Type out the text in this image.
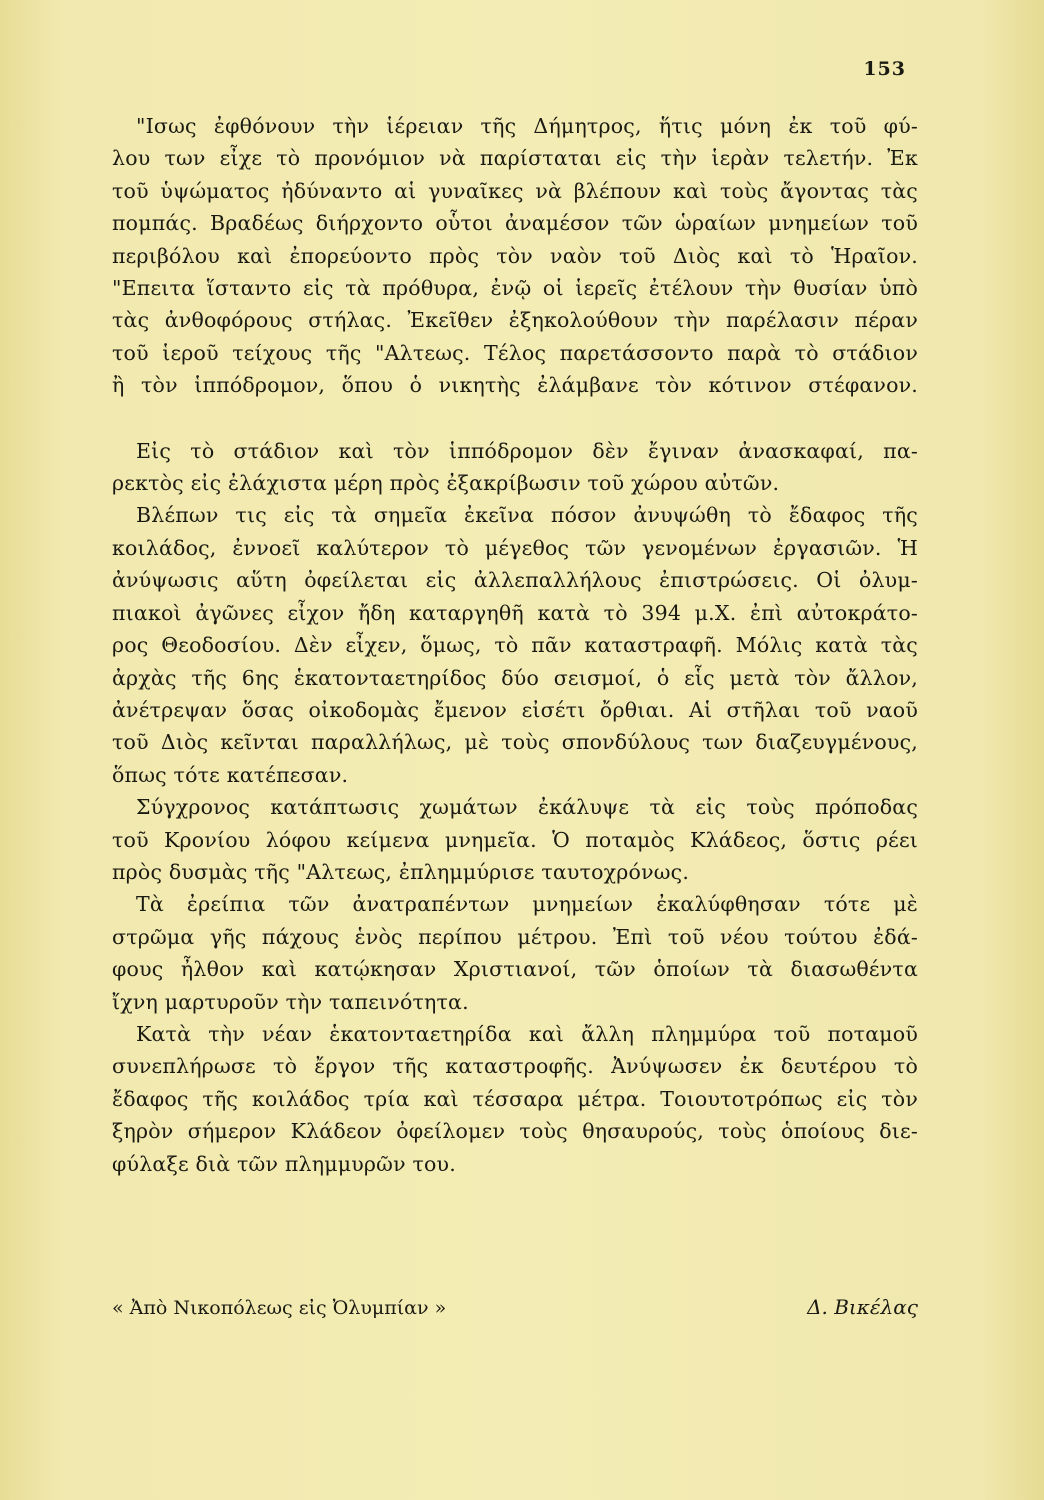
153
"Ισως ἐφθόνουν τὴν ἱέρειαν τῆς Δήμητρος, ἥτις μόνη ἐκ τοῦ φύ-
λου των εἶχε τὸ προνόμιον νὰ παρίσταται εἰς τὴν ἱερὰν τελετήν. Ἐκ
τοῦ ὑψώματος ἠδύναντο αἱ γυναῖκες νὰ βλέπουν καὶ τοὺς ἄγοντας τὰς
πομπάς. Βραδέως διήρχοντο οὗτοι ἀναμέσον τῶν ὡραίων μνημείων τοῦ
περιβόλου καὶ ἐπορεύοντο πρὸς τὸν ναὸν τοῦ Διὸς καὶ τὸ Ἡραῖον.
"Επειτα ἵσταντο εἰς τὰ πρόθυρα, ἐνῷ οἱ ἱερεῖς ἐτέλουν τὴν θυσίαν ὑπὸ
τὰς ἀνθοφόρους στήλας. Ἐκεῖθεν ἐξηκολούθουν τὴν παρέλασιν πέραν
τοῦ ἱεροῦ τείχους τῆς "Αλτεως. Τέλος παρετάσσοντο παρὰ τὸ στάδιον
ἢ τὸν ἱππόδρομον, ὅπου ὁ νικητὴς ἐλάμβανε τὸν κότινον στέφανον.
Εἰς τὸ στάδιον καὶ τὸν ἱππόδρομον δὲν ἔγιναν ἀνασκαφαί, πα-
ρεκτὸς εἰς ἐλάχιστα μέρη πρὸς ἐξακρίβωσιν τοῦ χώρου αὐτῶν.
Βλέπων τις εἰς τὰ σημεῖα ἐκεῖνα πόσον ἀνυψώθη τὸ ἔδαφος τῆς
κοιλάδος, ἐννοεῖ καλύτερον τὸ μέγεθος τῶν γενομένων ἐργασιῶν. Ἡ
ἀνύψωσις αὕτη ὀφείλεται εἰς ἀλλεπαλλήλους ἐπιστρώσεις. Οἱ ὀλυμ-
πιακοὶ ἀγῶνες εἶχον ἤδη καταργηθῆ κατὰ τὸ 394 μ.Χ. ἐπὶ αὐτοκράτο-
ρος Θεοδοσίου. Δὲν εἶχεν, ὅμως, τὸ πᾶν καταστραφῆ. Μόλις κατὰ τὰς
ἀρχὰς τῆς 6ης ἑκατονταετηρίδος δύο σεισμοί, ὁ εἷς μετὰ τὸν ἄλλον,
ἀνέτρεψαν ὅσας οἰκοδομὰς ἔμενον εἰσέτι ὄρθιαι. Αἱ στῆλαι τοῦ ναοῦ
τοῦ Διὸς κεῖνται παραλλήλως, μὲ τοὺς σπονδύλους των διαζευγμένους,
ὅπως τότε κατέπεσαν.
Σύγχρονος κατάπτωσις χωμάτων ἐκάλυψε τὰ εἰς τοὺς πρόποδας
τοῦ Κρονίου λόφου κείμενα μνημεῖα. Ὁ ποταμὸς Κλάδεος, ὅστις ρέει
πρὸς δυσμὰς τῆς "Αλτεως, ἐπλημμύρισε ταυτοχρόνως.
Τὰ ἐρείπια τῶν ἀνατραπέντων μνημείων ἐκαλύφθησαν τότε μὲ
στρῶμα γῆς πάχους ἑνὸς περίπου μέτρου. Ἐπὶ τοῦ νέου τούτου ἐδά-
φους ἦλθον καὶ κατῴκησαν Χριστιανοί, τῶν ὁποίων τὰ διασωθέντα
ἴχνη μαρτυροῦν τὴν ταπεινότητα.
Κατὰ τὴν νέαν ἑκατονταετηρίδα καὶ ἄλλη πλημμύρα τοῦ ποταμοῦ
συνεπλήρωσε τὸ ἔργον τῆς καταστροφῆς. Ἀνύψωσεν ἐκ δευτέρου τὸ
ἔδαφος τῆς κοιλάδος τρία καὶ τέσσαρα μέτρα. Τοιουτοτρόπως εἰς τὸν
ξηρὸν σήμερον Κλάδεον ὀφείλομεν τοὺς θησαυρούς, τοὺς ὁποίους διε-
φύλαξε διὰ τῶν πλημμυρῶν του.
« Ἀπὸ Νικοπόλεως εἰς Ὀλυμπίαν »	Δ. Βικέλας
